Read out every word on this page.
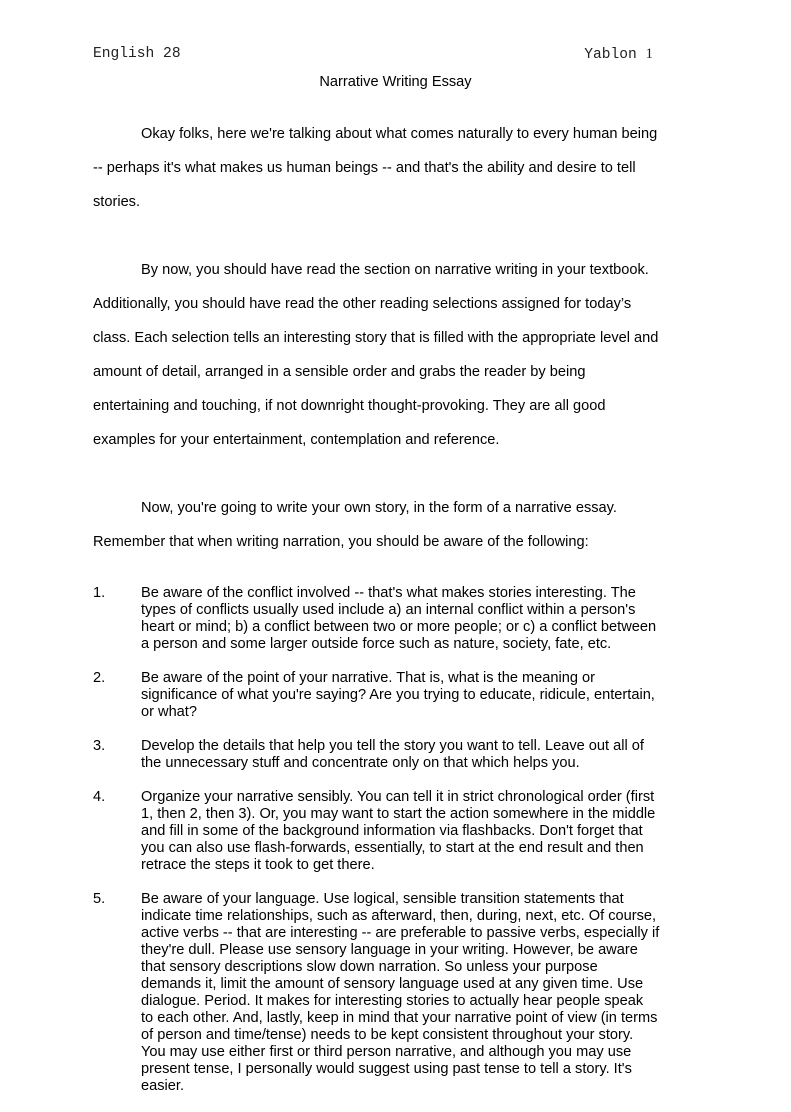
English 28	Yablon 1
Narrative Writing Essay

Okay folks, here we're talking about what comes naturally to every human being

-- perhaps it's what makes us human beings -- and that's the ability and desire to tell

stories.

By now, you should have read the section on narrative writing in your textbook.

Additionally, you should have read the other reading selections assigned for today’s

class. Each selection tells an interesting story that is filled with the appropriate level and

amount of detail, arranged in a sensible order and grabs the reader by being

entertaining and touching, if not downright thought-provoking. They are all good

examples for your entertainment, contemplation and reference.

Now, you're going to write your own story, in the form of a narrative essay.

Remember that when writing narration, you should be aware of the following:

1. Be aware of the conflict involved -- that's what makes stories interesting. The
types of conflicts usually used include a) an internal conflict within a person's
heart or mind; b) a conflict between two or more people; or c) a conflict between
a person and some larger outside force such as nature, society, fate, etc.
2. Be aware of the point of your narrative. That is, what is the meaning or
significance of what you're saying? Are you trying to educate, ridicule, entertain,
or what?
3. Develop the details that help you tell the story you want to tell. Leave out all of
the unnecessary stuff and concentrate only on that which helps you.
4. Organize your narrative sensibly. You can tell it in strict chronological order (first
1, then 2, then 3). Or, you may want to start the action somewhere in the middle
and fill in some of the background information via flashbacks. Don't forget that
you can also use flash-forwards, essentially, to start at the end result and then
retrace the steps it took to get there.
5. Be aware of your language. Use logical, sensible transition statements that
indicate time relationships, such as afterward, then, during, next, etc. Of course,
active verbs -- that are interesting -- are preferable to passive verbs, especially if
they're dull. Please use sensory language in your writing. However, be aware
that sensory descriptions slow down narration. So unless your purpose
demands it, limit the amount of sensory language used at any given time. Use
dialogue. Period. It makes for interesting stories to actually hear people speak
to each other. And, lastly, keep in mind that your narrative point of view (in terms
of person and time/tense) needs to be kept consistent throughout your story.
You may use either first or third person narrative, and although you may use
present tense, I personally would suggest using past tense to tell a story. It's
easier.
